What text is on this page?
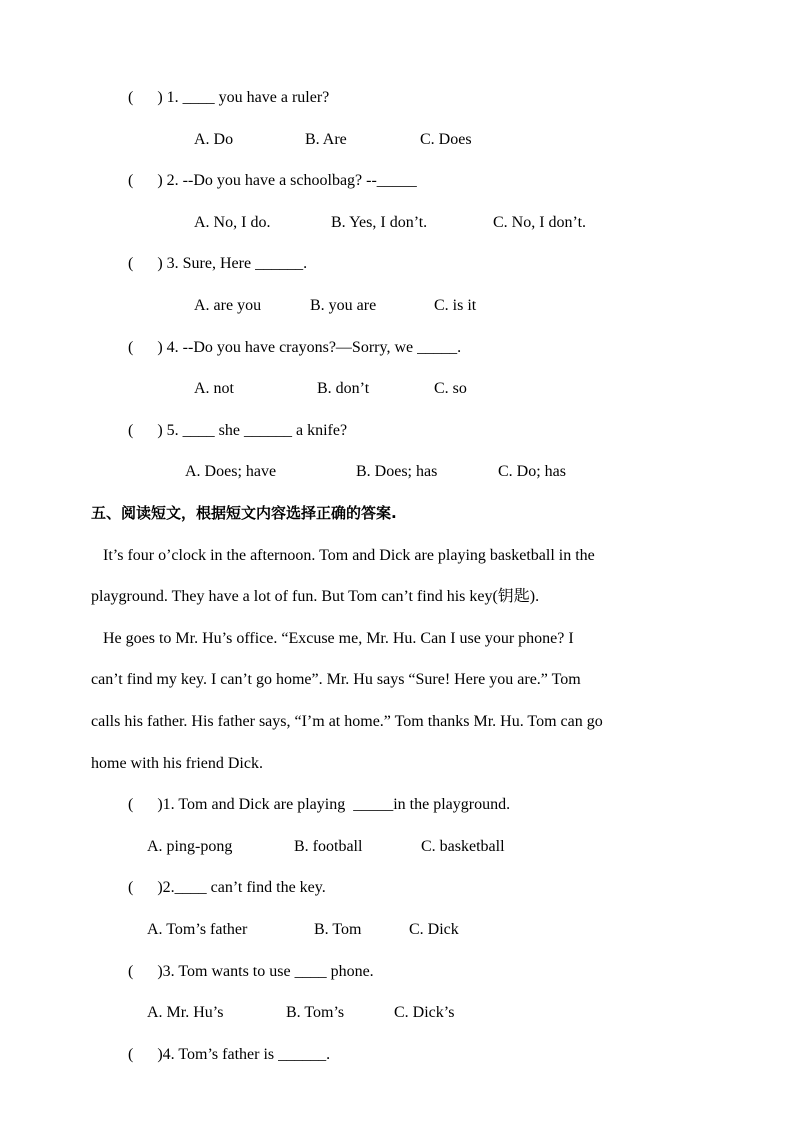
(      ) 1. ____ you have a ruler?
A. Do	B. Are	C. Does
(      ) 2. --Do you have a schoolbag? --_____
A. No, I do.	B. Yes, I don’t.	C. No, I don’t.
(      ) 3. Sure, Here ______.
A. are you	B. you are	C. is it
(      ) 4. --Do you have crayons?—Sorry, we _____.
A. not	B. don’t	C. so
(      ) 5. ____ she ______ a knife?
A. Does; have	B. Does; has	C. Do; has
五、阅读短文，根据短文内容选择正确的答案.
It’s four o’clock in the afternoon. Tom and Dick are playing basketball in the
playground. They have a lot of fun. But Tom can’t find his key(钥匙).
He goes to Mr. Hu’s office. “Excuse me, Mr. Hu. Can I use your phone? I
can’t find my key. I can’t go home”. Mr. Hu says “Sure! Here you are.” Tom
calls his father. His father says, “I’m at home.” Tom thanks Mr. Hu. Tom can go
home with his friend Dick.
(      )1. Tom and Dick are playing  _____in the playground.
A. ping-pong	B. football	C. basketball
(      )2.____ can’t find the key.
A. Tom’s father	B. Tom	C. Dick
(      )3. Tom wants to use ____ phone.
A. Mr. Hu’s	B. Tom’s	C. Dick’s
(      )4. Tom’s father is ______.
